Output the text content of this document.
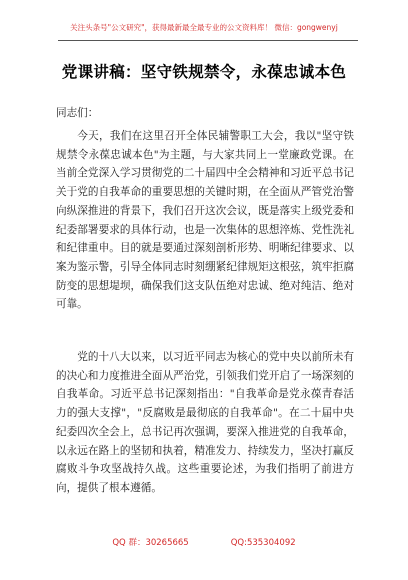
关注头条号"公文研究"，获得最新最全最专业的公文资料库！ 微信：gongwenyj
党课讲稿：坚守铁规禁令，永葆忠诚本色
同志们：
今天，我们在这里召开全体民辅警职工大会，我以"坚守铁规禁令永葆忠诚本色"为主题，与大家共同上一堂廉政党课。在当前全党深入学习贯彻党的二十届四中全会精神和习近平总书记关于党的自我革命的重要思想的关键时期，在全面从严管党治警向纵深推进的背景下，我们召开这次会议，既是落实上级党委和纪委部署要求的具体行动，也是一次集体的思想淬炼、党性洗礼和纪律重申。目的就是要通过深刻剖析形势、明晰纪律要求、以案为鉴示警，引导全体同志时刻绷紧纪律规矩这根弦，筑牢拒腐防变的思想堤坝，确保我们这支队伍绝对忠诚、绝对纯洁、绝对可靠。
党的十八大以来，以习近平同志为核心的党中央以前所未有的决心和力度推进全面从严治党，引领我们党开启了一场深刻的自我革命。习近平总书记深刻指出："自我革命是党永葆青春活力的强大支撑"，"反腐败是最彻底的自我革命"。在二十届中央纪委四次全会上，总书记再次强调，要深入推进党的自我革命，以永远在路上的坚韧和执着，精准发力、持续发力，坚决打赢反腐败斗争攻坚战持久战。这些重要论述，为我们指明了前进方向，提供了根本遵循。
QQ 群：30265665	QQ:535304092
